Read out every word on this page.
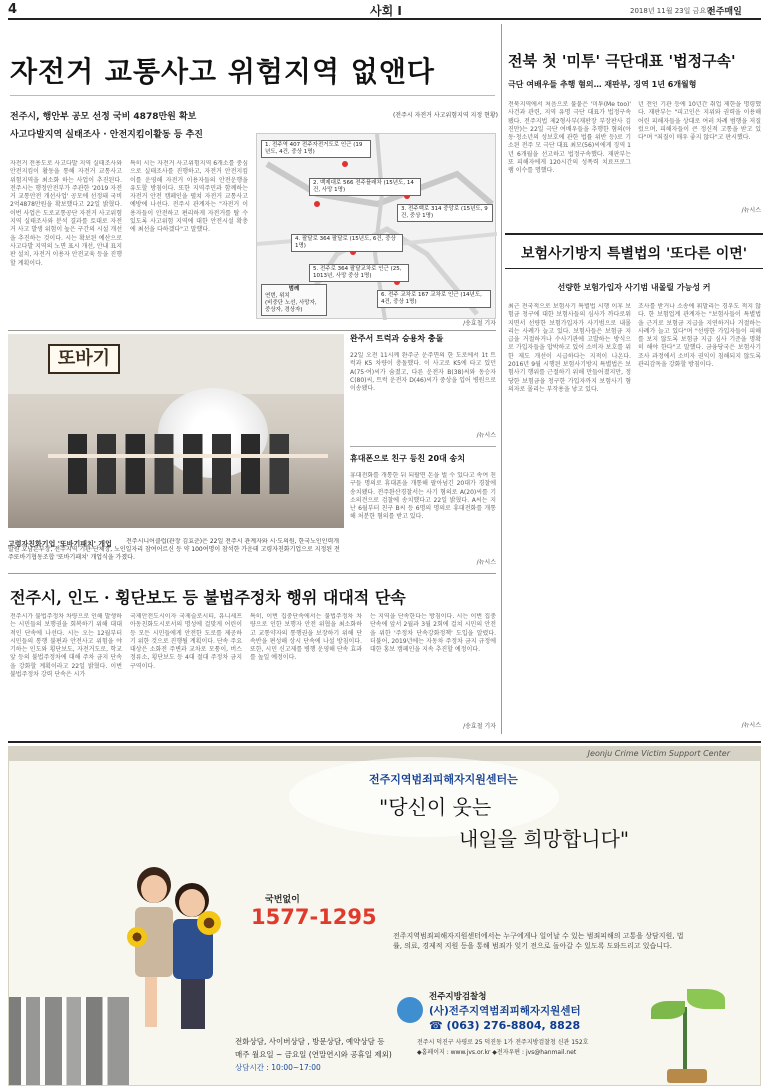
4	사회 Ⅰ	2018년 11월 23일 금요일
전주매일
자전거 교통사고 위험지역 없앤다
전주시, 행안부 공모 선정 국비 4878만원 확보
사고다발지역 실태조사 · 안전지킴이활동 등 추진
자전거 전용도로 사고다발 지역 실태조사와 안전지킴이 활동을 통해 자전거 교통사고 위험지역을 최소화 하는 사업이 추진된다. 전주시는 행정안전부가 주관한 '2019 자전거 교통안전 개선사업' 공모에 선정돼 국비 2억4878만원을 확보했다고 22일 밝혔다. 이번 사업은 도로교통공단 자전거 사고위험지역 실태조사와 분석 결과를 토대로 자전거 사고 발생 위험이 높은 구간의 시설 개선을 추진하는 것이다. 시는 확보된 예산으로 사고다발 지역의 노면 표시 개선, 안내 표지판 설치, 자전거 이용자 안전교육 등을 진행할 계획이다.
특히 시는 자전거 사고위험지역 6개소를 중심으로 실태조사를 진행하고, 자전거 안전지킴이를 운영해 자전거 이용자들의 안전운행을 유도할 방침이다. 또한 지역주민과 함께하는 자전거 안전 캠페인을 펼쳐 자전거 교통사고 예방에 나선다. 전주시 관계자는 "자전거 이용자들이 안전하고 편리하게 자전거를 탈 수 있도록 사고위험 지역에 대한 안전시설 확충에 최선을 다하겠다"고 말했다.
(전주시 자전거 사고위험지역 지정 현황)
1. 전주역 407 전주자전거도로 인근 (19년도, 4건, 중상 1명)
2. 백제대로 566 전주플래차 (15년도, 14건, 사망 1명)
3. 전주백로 314 중앙로 (15년도, 9건, 중상 1명)
4. 팔달로 364 팔달로 (15년도, 6건, 중상 1명)
5. 전주로 364 팔달교차로 인근 (25, 1013년, 사망 중상 1명)
6. 전주 교차로 167 교차로 인근 (14년도, 4건, 중상 1명)
범례
연번, 위치
(비중단 노선, 사망자, 중상자, 경상자)
/송효철 기자
또바기
고령자친화기업 '또바기패치' 개업	전주시니어클럽(관장 김효춘)은 22일 전주시 관계자와 시·도의원, 한국노인인력개발원 호남본부장, 전주지역 기관·단체장, 노인일자리 참여어르신 등 약 100여명이 참석한 가운데 고령자친화기업으로 지정된 전주또바기협동조합 '또바기패치' 개업식을 가졌다.
완주서 트럭과 승용차 충돌
22일 오전 11시께 완주군 운주면의 한 도로에서 1t 트럭과 K5 차량이 충돌했다. 이 사고로 K5에 타고 있던 A(75·여)씨가 숨졌고, 다른 운전자 B(38)씨와 동승자 C(80)씨, 트럭 운전자 D(46)씨가 중상을 입어 병원으로 이송됐다.
/뉴시스
휴대폰으로 친구 등친 20대 송치
휴대전화를 개통한 뒤 되팔면 돈을 벌 수 있다고 속여 친구들 명의로 휴대폰을 개통해 팔아넘긴 20대가 경찰에 송치됐다. 전주완산경찰서는 사기 혐의로 A(20)씨를 기소의견으로 검찰에 송치했다고 22일 밝혔다. A씨는 지난 6월부터 친구 B씨 등 6명의 명의로 휴대전화를 개통해 처분한 혐의를 받고 있다.
/뉴시스
전주시, 인도 · 횡단보도 등 불법주정차 행위 대대적 단속
전주시가 불법주정차 차량으로 인해 발생하는 시민들의 보행권을 회복하기 위해 대대적인 단속에 나선다. 시는 오는 12월부터 시민들의 통행 불편과 안전사고 위험을 야기하는 인도와 횡단보도, 자전거도로, 학교 앞 등의 불법주정차에 대해 주차 금지 단속을 강화할 계획이라고 22일 밝혔다. 이번 불법주정차 강력 단속은 시가
국제안전도시이자 국제슬로시티, 유니세프 아동친화도시로서의 명성에 걸맞게 어린이 등 모든 시민들에게 안전한 도로를 제공하기 위한 것으로 진행될 계획이다. 단속 주요 대상은 소화전 주변과 교차로 모퉁이, 버스정류소, 횡단보도 등 4대 절대 주정차 금지구역이다.
특히, 이번 집중단속에서는 불법주정차 차량으로 인한 보행자 안전 위협을 최소화하고 교통약자의 통행권을 보장하기 위해 단속반을 편성해 상시 단속에 나설 방침이다. 또한, 시민 신고제를 병행 운영해 단속 효과를 높일 예정이다.
는 지역을 단속한다는 방침이다. 시는 이번 집중단속에 앞서 2월과 3월 2회에 걸쳐 시민의 안전을 위한 '주정차 단속강화정책' 도입을 알렸다. 더불어, 2019년에는 자동차 주정차 금지 규정에 대한 홍보 캠페인을 지속 추진할 예정이다.
/송효철 기자
전북 첫 '미투' 극단대표 '법정구속'
극단 여배우들 추행 혐의… 재판부, 징역 1년 6개월형
전북지역에서 처음으로 불붙은 '미투(Me too)' 사건과 관련, 지역 유명 극단 대표가 법정구속됐다. 전주지법 제2형사부(재판장 부장판사 김진만)는 22일 극단 여배우들을 추행한 혐의(아동·청소년의 성보호에 관한 법률 위반 등)로 기소된 전주 모 극단 대표 최모(56)씨에게 징역 1년 6개월을 선고하고 법정구속했다. 재판부는 또 피해자에게 120시간의 성폭력 치료프로그램 이수를 명했다.
년 전인 기관 등에 10년간 취업 제한을 명령했다. 재판부는 "피고인은 지위와 권력을 이용해 어린 피해자들을 상대로 여러 차례 범행을 저질렀으며, 피해자들이 큰 정신적 고통을 받고 있다"며 "죄질이 매우 좋지 않다"고 판시했다.
/뉴시스
보험사기방지 특별법의 '또다른 이면'
선량한 보험가입자 사기범 내몰릴 가능성 커
최근 전국적으로 보험사기 특별법 시행 이후 보험금 청구에 대한 보험사들의 심사가 까다로워지면서 선량한 보험가입자가 사기범으로 내몰리는 사례가 늘고 있다. 보험사들은 보험금 지급을 거절하거나 수사기관에 고발하는 방식으로 가입자들을 압박하고 있어 소비자 보호를 위한 제도 개선이 시급하다는 지적이 나온다. 2016년 9월 시행된 보험사기방지 특별법은 보험사기 행위를 근절하기 위해 만들어졌지만, 정당한 보험금을 청구한 가입자까지 보험사기 혐의자로 몰리는 부작용을 낳고 있다.
조사를 받거나 소송에 휘말리는 경우도 적지 않다. 한 보험업계 관계자는 "보험사들이 특별법을 근거로 보험금 지급을 지연하거나 거절하는 사례가 늘고 있다"며 "선량한 가입자들이 피해를 보지 않도록 보험금 지급 심사 기준을 명확히 해야 한다"고 말했다. 금융당국은 보험사기 조사 과정에서 소비자 권익이 침해되지 않도록 관리감독을 강화할 방침이다.
/뉴시스
Jeonju Crime Victim Support Center
전주지역범죄피해자지원센터는
"당신이 웃는
내일을 희망합니다"
전주지역범죄피해자지원센터에서는 누구에게나 일어날 수 있는 범죄피해의 고통을 상담지원, 법률, 의료, 경제적 지원 등을 통해 범죄가 잊기 전으로 돌아갈 수 있도록 도와드리고 있습니다.
국번없이
1577-1295
전화상담, 사이버상담 , 방문상담, 예약상담 등
매주 월요일 ~ 금요일 (연말연시와 공휴일 제외)
상담시간 : 10:00~17:00
전주지방검찰청
(사)전주지역범죄피해자지원센터
☎ (063) 276-8804, 8828
전주시 덕진구 사평로 25 덕진동 1가 전주지방검찰청 신관 152호
◆홈페이지 : www.jvs.or.kr ◆전자우편 : jvs@hanmail.net
